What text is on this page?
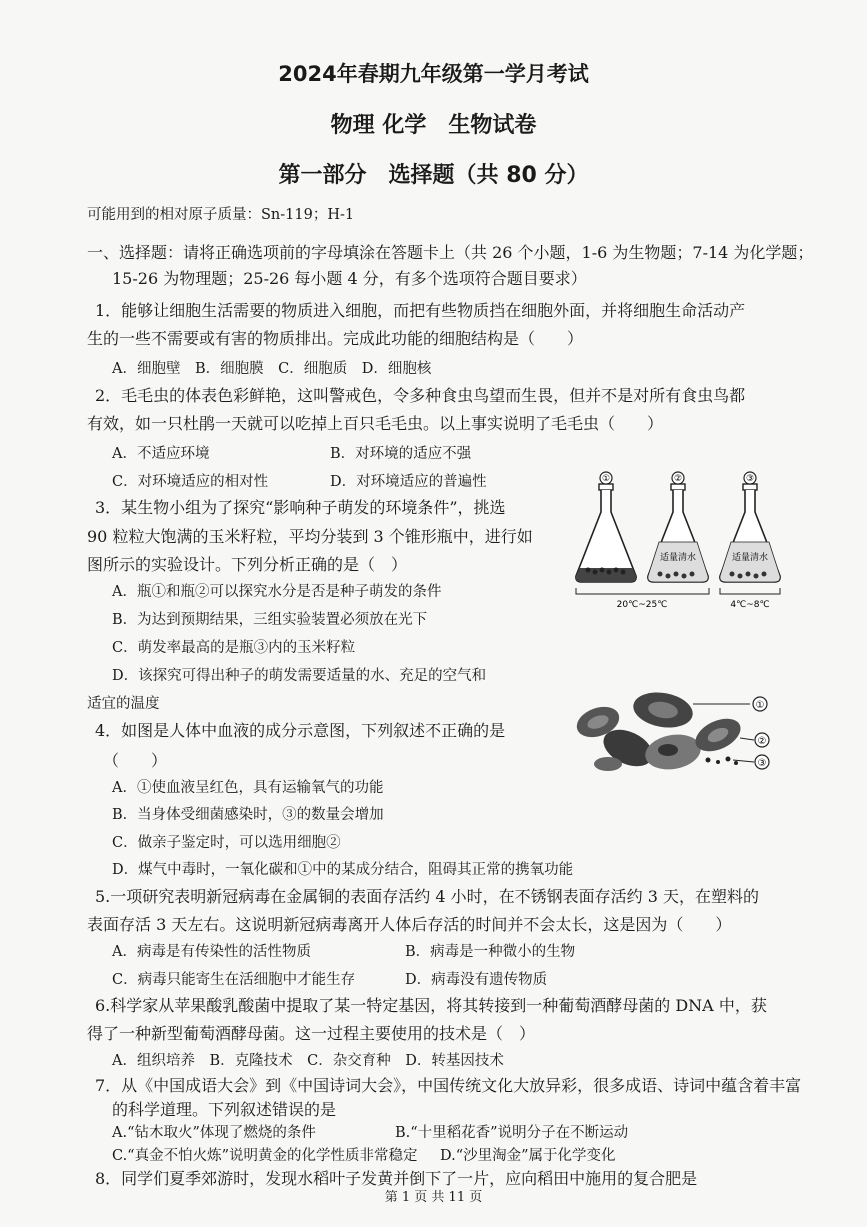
2024年春期九年级第一学月考试
物理 化学　生物试卷
第一部分　选择题（共 80 分）
可能用到的相对原子质量：Sn-119；H-1
一、选择题：请将正确选项前的字母填涂在答题卡上（共 26 个小题，1-6 为生物题；7-14 为化学题；
15-26 为物理题；25-26 每小题 4 分，有多个选项符合题目要求）
1．能够让细胞生活需要的物质进入细胞，而把有些物质挡在细胞外面，并将细胞生命活动产
生的一些不需要或有害的物质排出。完成此功能的细胞结构是（　　）
A．细胞壁　B．细胞膜　C．细胞质　D．细胞核
2．毛毛虫的体表色彩鲜艳，这叫警戒色，令多种食虫鸟望而生畏，但并不是对所有食虫鸟都
有效，如一只杜鹃一天就可以吃掉上百只毛毛虫。以上事实说明了毛毛虫（　　）
A．不适应环境	B．对环境的适应不强
C．对环境适应的相对性	D．对环境适应的普遍性
3．某生物小组为了探究“影响种子萌发的环境条件”，挑选
90 粒粒大饱满的玉米籽粒，平均分装到 3 个锥形瓶中，进行如
图所示的实验设计。下列分析正确的是（　）
A．瓶①和瓶②可以探究水分是否是种子萌发的条件
B．为达到预期结果，三组实验装置必须放在光下
C．萌发率最高的是瓶③内的玉米籽粒
D．该探究可得出种子的萌发需要适量的水、充足的空气和
适宜的温度
①
适量清水
②
适量清水
③
20℃~25℃	4℃~8℃
4．如图是人体中血液的成分示意图，下列叙述不正确的是
（　　）
A．①使血液呈红色，具有运输氧气的功能
B．当身体受细菌感染时，③的数量会增加
C．做亲子鉴定时，可以选用细胞②
D．煤气中毒时，一氧化碳和①中的某成分结合，阻碍其正常的携氧功能
①
②
③
5.一项研究表明新冠病毒在金属铜的表面存活约 4 小时，在不锈钢表面存活约 3 天，在塑料的
表面存活 3 天左右。这说明新冠病毒离开人体后存活的时间并不会太长，这是因为（　　）
A．病毒是有传染性的活性物质	B．病毒是一种微小的生物
C．病毒只能寄生在活细胞中才能生存	D．病毒没有遗传物质
6.科学家从苹果酸乳酸菌中提取了某一特定基因，将其转接到一种葡萄酒酵母菌的 DNA 中，获
得了一种新型葡萄酒酵母菌。这一过程主要使用的技术是（　）
A．组织培养　B．克隆技术　C．杂交育种　D．转基因技术
7．从《中国成语大会》到《中国诗词大会》，中国传统文化大放异彩，很多成语、诗词中蕴含着丰富
的科学道理。下列叙述错误的是
A.“钻木取火”体现了燃烧的条件	B.“十里稻花香”说明分子在不断运动
C.“真金不怕火炼”说明黄金的化学性质非常稳定 D.“沙里淘金”属于化学变化
8．同学们夏季郊游时，发现水稻叶子发黄并倒下了一片，应向稻田中施用的复合肥是
第 1 页 共 11 页
